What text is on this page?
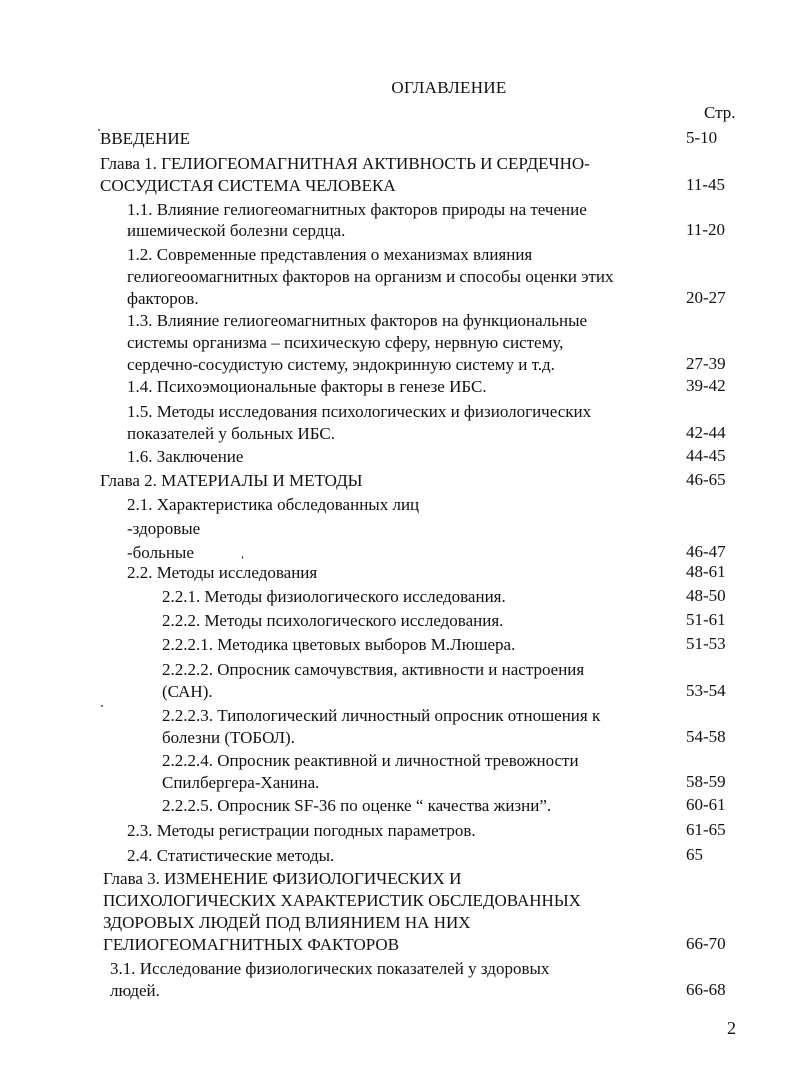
ОГЛАВЛЕНИЕ
Стр.
ВВЕДЕНИЕ	5-10
Глава 1. ГЕЛИОГЕОМАГНИТНАЯ АКТИВНОСТЬ И СЕРДЕЧНО-
СОСУДИСТАЯ СИСТЕМА ЧЕЛОВЕКА	11-45
1.1. Влияние гелиогеомагнитных факторов природы на течение
ишемической болезни сердца.	11-20
1.2. Современные представления о механизмах влияния
гелиогеоомагнитных факторов на организм и способы оценки этих
факторов.	20-27
1.3. Влияние гелиогеомагнитных факторов на функциональные
системы организма – психическую сферу, нервную систему,
сердечно-сосудистую систему, эндокринную систему и т.д.	27-39
1.4. Психоэмоциональные факторы в генезе ИБС.	39-42
1.5. Методы исследования психологических и физиологических
показателей у больных ИБС.	42-44
1.6. Заключение	44-45
Глава 2. МАТЕРИАЛЫ И МЕТОДЫ	46-65
2.1. Характеристика обследованных лиц
-здоровые
-больные	46-47
2.2. Методы исследования	48-61
2.2.1. Методы физиологического исследования.	48-50
2.2.2. Методы психологического исследования.	51-61
2.2.2.1. Методика цветовых выборов М.Люшера.	51-53
2.2.2.2. Опросник самочувствия, активности и настроения
(САН).	53-54
2.2.2.3. Типологический личностный опросник отношения к
болезни (ТОБОЛ).	54-58
2.2.2.4. Опросник реактивной и личностной тревожности
Спилбергера-Ханина.	58-59
2.2.2.5. Опросник SF-36 по оценке “ качества жизни”.	60-61
2.3. Методы регистрации погодных параметров.	61-65
2.4. Статистические методы.	65
Глава 3. ИЗМЕНЕНИЕ ФИЗИОЛОГИЧЕСКИХ И
ПСИХОЛОГИЧЕСКИХ ХАРАКТЕРИСТИК ОБСЛЕДОВАННЫХ
ЗДОРОВЫХ ЛЮДЕЙ ПОД ВЛИЯНИЕМ НА НИХ
ГЕЛИОГЕОМАГНИТНЫХ ФАКТОРОВ	66-70
3.1. Исследование физиологических показателей у здоровых
людей.	66-68
2
